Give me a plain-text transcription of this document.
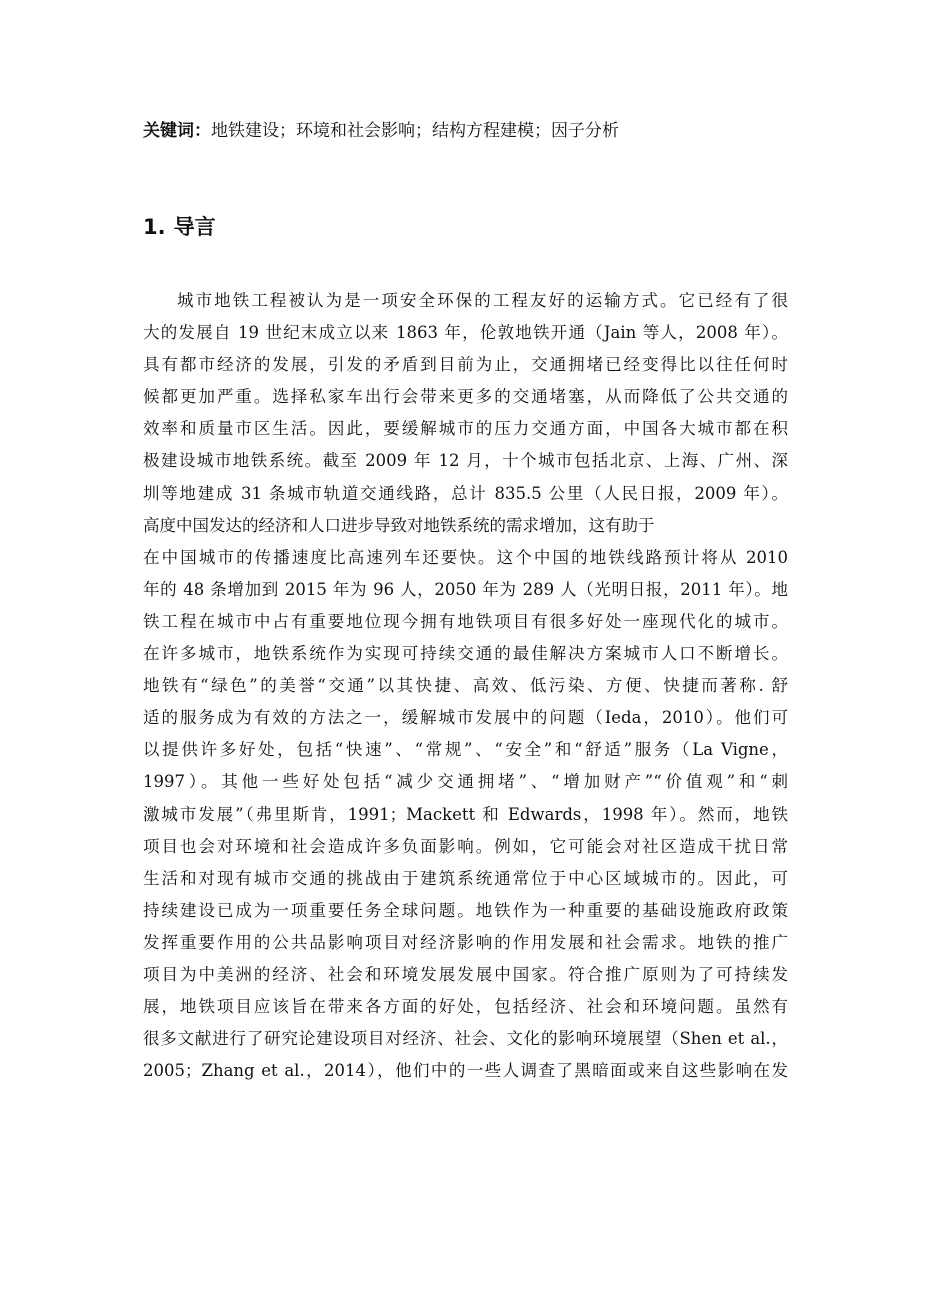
关键词：地铁建设；环境和社会影响；结构方程建模；因子分析
1. 导言
城市地铁工程被认为是一项安全环保的工程友好的运输方式。它已经有了很
大的发展自 19 世纪末成立以来 1863 年，伦敦地铁开通（Jain 等人，2008 年）。
具有都市经济的发展，引发的矛盾到目前为止，交通拥堵已经变得比以往任何时
候都更加严重。选择私家车出行会带来更多的交通堵塞，从而降低了公共交通的
效率和质量市区生活。因此，要缓解城市的压力交通方面，中国各大城市都在积
极建设城市地铁系统。截至 2009 年 12 月，十个城市包括北京、上海、广州、深
圳等地建成 31 条城市轨道交通线路，总计 835.5 公里（人民日报，2009 年）。
高度中国发达的经济和人口进步导致对地铁系统的需求增加，这有助于
在中国城市的传播速度比高速列车还要快。这个中国的地铁线路预计将从 2010
年的 48 条增加到 2015 年为 96 人，2050 年为 289 人（光明日报，2011 年）。地
铁工程在城市中占有重要地位现今拥有地铁项目有很多好处一座现代化的城市。
在许多城市，地铁系统作为实现可持续交通的最佳解决方案城市人口不断增长。
地铁有“绿色”的美誉“交通”以其快捷、高效、低污染、方便、快捷而著称. 舒
适的服务成为有效的方法之一，缓解城市发展中的问题（Ieda，2010）。他们可
以提供许多好处，包括“快速”、“常规”、“安全”和“舒适”服务（La Vigne，
1997）。其他一些好处包括“减少交通拥堵”、“增加财产”“价值观”和“刺
激城市发展”（弗里斯肯，1991；Mackett 和 Edwards，1998 年）。然而，地铁
项目也会对环境和社会造成许多负面影响。例如，它可能会对社区造成干扰日常
生活和对现有城市交通的挑战由于建筑系统通常位于中心区域城市的。因此，可
持续建设已成为一项重要任务全球问题。地铁作为一种重要的基础设施政府政策
发挥重要作用的公共品影响项目对经济影响的作用发展和社会需求。地铁的推广
项目为中美洲的经济、社会和环境发展发展中国家。符合推广原则为了可持续发
展，地铁项目应该旨在带来各方面的好处，包括经济、社会和环境问题。虽然有
很多文献进行了研究论建设项目对经济、社会、文化的影响环境展望（Shen et al.，
2005；Zhang et al.，2014），他们中的一些人调查了黑暗面或来自这些影响在发
